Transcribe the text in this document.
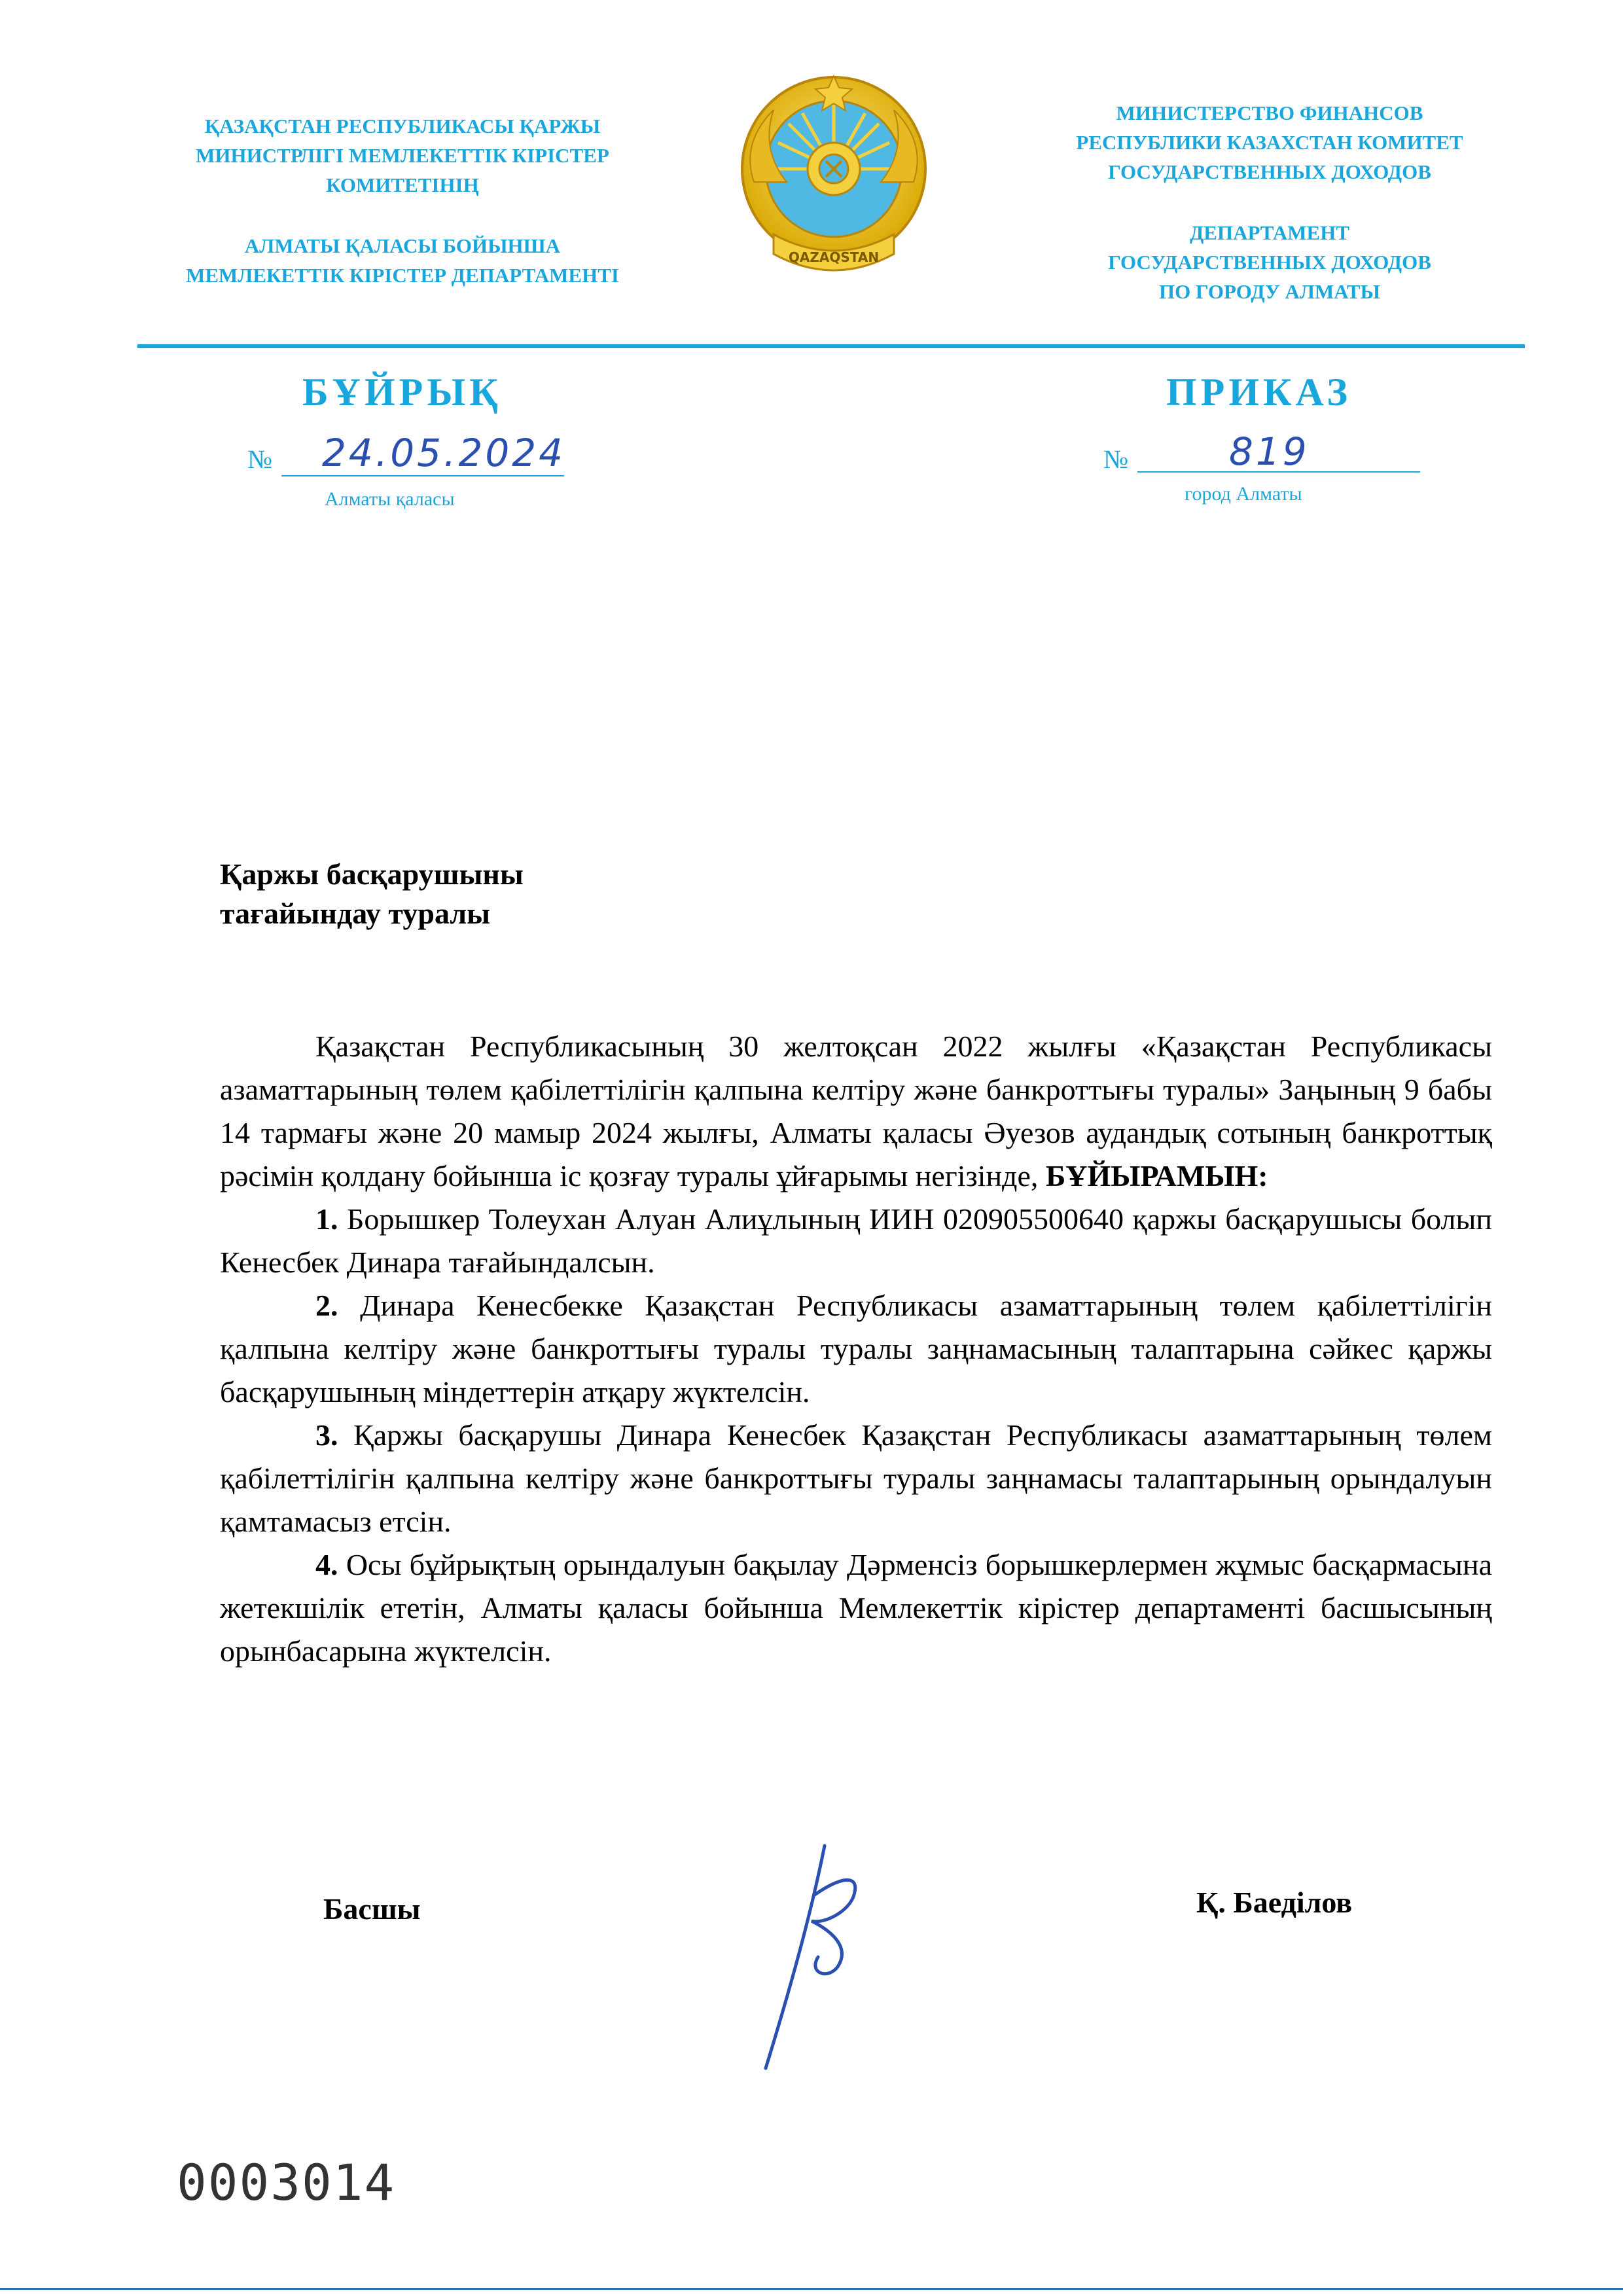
ҚАЗАҚСТАН РЕСПУБЛИКАСЫ ҚАРЖЫ

МИНИСТРЛІГІ МЕМЛЕКЕТТІК КІРІСТЕР

КОМИТЕТІНІҢ

АЛМАТЫ ҚАЛАСЫ БОЙЫНША

МЕМЛЕКЕТТІК КІРІСТЕР ДЕПАРТАМЕНТІ

QAZAQSTAN

МИНИСТЕРСТВО ФИНАНСОВ

РЕСПУБЛИКИ КАЗАХСТАН КОМИТЕТ

ГОСУДАРСТВЕННЫХ ДОХОДОВ

ДЕПАРТАМЕНТ

ГОСУДАРСТВЕННЫХ ДОХОДОВ

ПО ГОРОДУ АЛМАТЫ

БҰЙРЫҚ	ПРИКАЗ
№ 24.05.2024
Алматы қаласы
№	819
город Алматы

Қаржы басқарушыны

тағайындау туралы

Қазақстан Республикасының 30 желтоқсан 2022 жылғы «Қазақстан Республикасы азаматтарының төлем қабілеттілігін қалпына келтіру және банкроттығы туралы» Заңының 9 бабы 14 тармағы және 20 мамыр 2024 жылғы, Алматы қаласы Әуезов аудандық сотының банкроттық рәсімін қолдану бойынша іс қозғау туралы ұйғарымы негізінде, БҰЙЫРАМЫН:

1. Борышкер Толеухан Алуан Алиұлының ИИН 020905500640 қаржы басқарушысы болып Кенесбек Динара тағайындалсын.

2. Динара Кенесбекке Қазақстан Республикасы азаматтарының төлем қабілеттілігін қалпына келтіру және банкроттығы туралы туралы заңнамасының талаптарына сәйкес қаржы басқарушының міндеттерін атқару жүктелсін.

3. Қаржы басқарушы Динара Кенесбек Қазақстан Республикасы азаматтарының төлем қабілеттілігін қалпына келтіру және банкроттығы туралы заңнамасы талаптарының орындалуын қамтамасыз етсін.

4. Осы бұйрықтың орындалуын бақылау Дәрменсіз борышкерлермен жұмыс басқармасына жетекшілік ететін, Алматы қаласы бойынша Мемлекеттік кірістер департаменті басшысының орынбасарына жүктелсін.

Басшы	Қ. Баеділов
0003014
